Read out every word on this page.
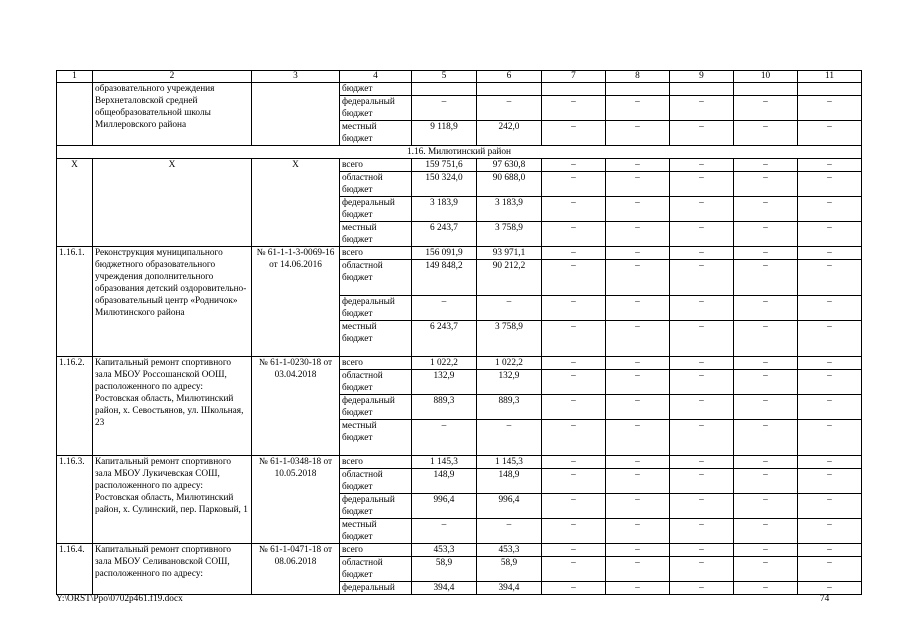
1	2	3	4	5	6	7	8	9	10	11
	образовательного учреждения Верхнеталовской средней общеобразовательной школы Миллеровского района		бюджет							
			федеральный бюджет	–	–	–	–	–	–	–
			местный бюджет	9 118,9	242,0	–	–	–	–	–
1.16. Милютинский район										
Х	Х	Х	всего	159 751,6	97 630,8	–	–	–	–	–
			областной бюджет	150 324,0	90 688,0	–	–	–	–	–
			федеральный бюджет	3 183,9	3 183,9	–	–	–	–	–
			местный бюджет	6 243,7	3 758,9	–	–	–	–	–
1.16.1.	Реконструкция муниципального бюджетного образовательного учреждения дополнительного образования детский оздоровительно-образовательный центр «Родничок» Милютинского района	№ 61-1-1-3-0069-16 от 14.06.2016	всего	156 091,9	93 971,1	–	–	–	–	–
			областной бюджет	149 848,2	90 212,2	–	–	–	–	–
			федеральный бюджет	–	–	–	–	–	–	–
			местный бюджет	6 243,7	3 758,9	–	–	–	–	–
1.16.2.	Капитальный ремонт спортивного зала МБОУ Россошанской ООШ, расположенного по адресу: Ростовская область, Милютинский район, х. Севостьянов, ул. Школьная, 23	№ 61-1-0230-18 от 03.04.2018	всего	1 022,2	1 022,2	–	–	–	–	–
			областной бюджет	132,9	132,9	–	–	–	–	–
			федеральный бюджет	889,3	889,3	–	–	–	–	–
			местный бюджет	–	–	–	–	–	–	–
1.16.3.	Капитальный ремонт спортивного зала МБОУ Лукичевская СОШ, расположенного по адресу: Ростовская область, Милютинский район, х. Сулинский, пер. Парковый, 1	№ 61-1-0348-18 от 10.05.2018	всего	1 145,3	1 145,3	–	–	–	–	–
			областной бюджет	148,9	148,9	–	–	–	–	–
			федеральный бюджет	996,4	996,4	–	–	–	–	–
			местный бюджет	–	–	–	–	–	–	–
1.16.4.	Капитальный ремонт спортивного зала МБОУ Селивановской СОШ, расположенного по адресу:	№ 61-1-0471-18 от 08.06.2018	всего	453,3	453,3	–	–	–	–	–
			областной бюджет	58,9	58,9	–	–	–	–	–
			федеральный	394,4	394,4	–	–	–	–	–
Y:\ORST\Ppo\0702p461.f19.docx	74
